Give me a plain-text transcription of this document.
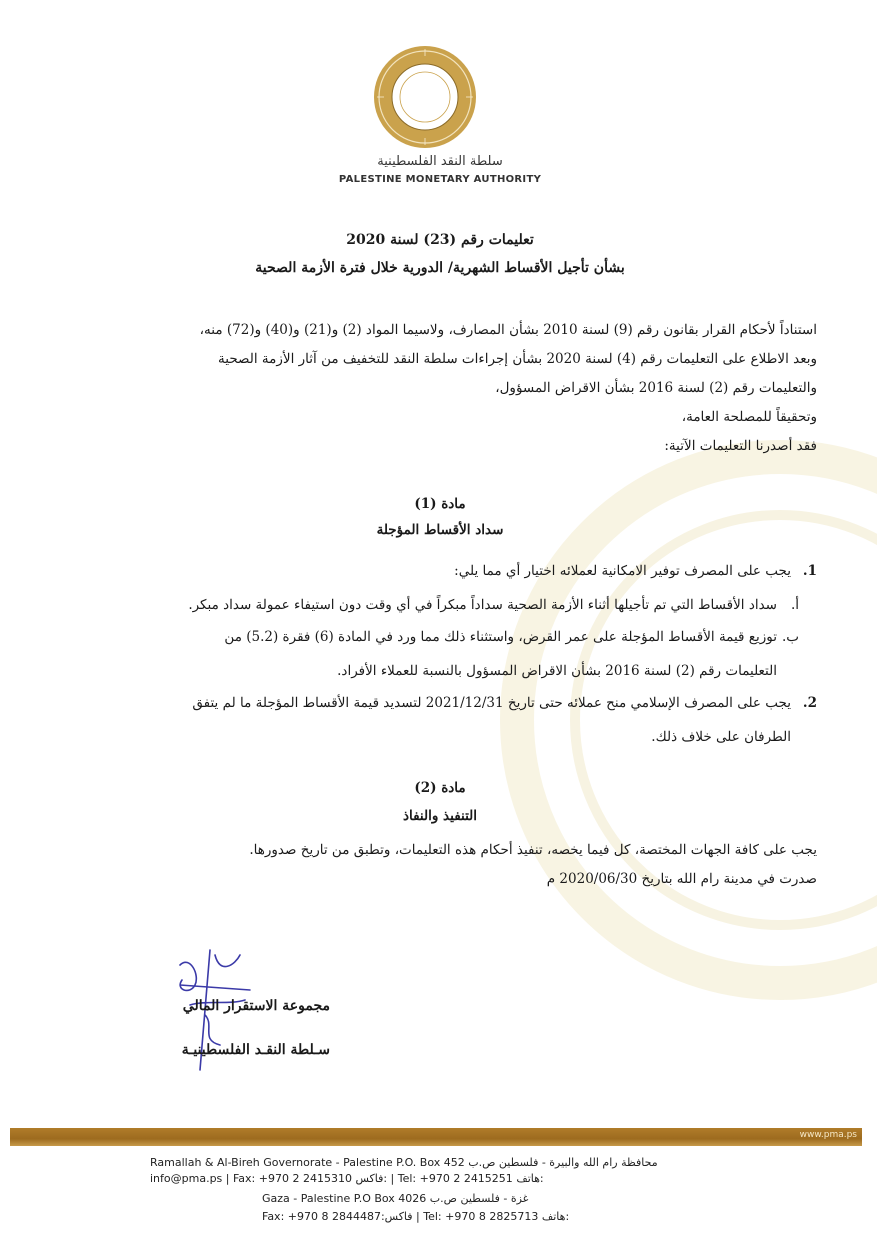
سلطة النقد الفلسطينية
PALESTINE MONETARY AUTHORITY
تعليمات رقم (23) لسنة 2020
بشأن تأجيل الأقساط الشهرية/ الدورية خلال فترة الأزمة الصحية
استناداً لأحكام القرار بقانون رقم (9) لسنة 2010 بشأن المصارف، ولاسيما المواد (2) و(21) و(40) و(72) منه،
وبعد الاطلاع على التعليمات رقم (4) لسنة 2020 بشأن إجراءات سلطة النقد للتخفيف من آثار الأزمة الصحية
والتعليمات رقم (2) لسنة 2016 بشأن الاقراض المسؤول،
وتحقيقاً للمصلحة العامة،
فقد أصدرنا التعليمات الآتية:
مادة (1)
سداد الأقساط المؤجلة
1.
يجب على المصرف توفير الامكانية لعملائه اختيار أي مما يلي:
أ.
سداد الأقساط التي تم تأجيلها أثناء الأزمة الصحية سداداً مبكراً في أي وقت دون استيفاء عمولة سداد مبكر.
ب.
توزيع قيمة الأقساط المؤجلة على عمر القرض، واستثناء ذلك مما ورد في المادة (6) فقرة (5.2) من
التعليمات رقم (2) لسنة 2016 بشأن الاقراض المسؤول بالنسبة للعملاء الأفراد.
2.
يجب على المصرف الإسلامي منح عملائه حتى تاريخ 2021/12/31 لتسديد قيمة الأقساط المؤجلة ما لم يتفق
الطرفان على خلاف ذلك.
مادة (2)
التنفيذ والنفاذ
يجب على كافة الجهات المختصة، كل فيما يخصه، تنفيذ أحكام هذه التعليمات، وتطبق من تاريخ صدورها.
صدرت في مدينة رام الله بتاريخ 2020/06/30 م
مجموعة الاستقرار المالي
سـلطة النقـد الفلسطينيـة
www.pma.ps
Ramallah & Al-Bireh Governorate - Palestine P.O. Box 452 محافظة رام الله والبيرة - فلسطين ص.ب
info@pma.ps | Fax: +970 2 2415310 فاكس: | Tel: +970 2 2415251 هاتف:
Gaza - Palestine P.O Box 4026 غزة - فلسطين ص.ب
Fax: +970 8 2844487:فاكس | Tel: +970 8 2825713 هاتف:
